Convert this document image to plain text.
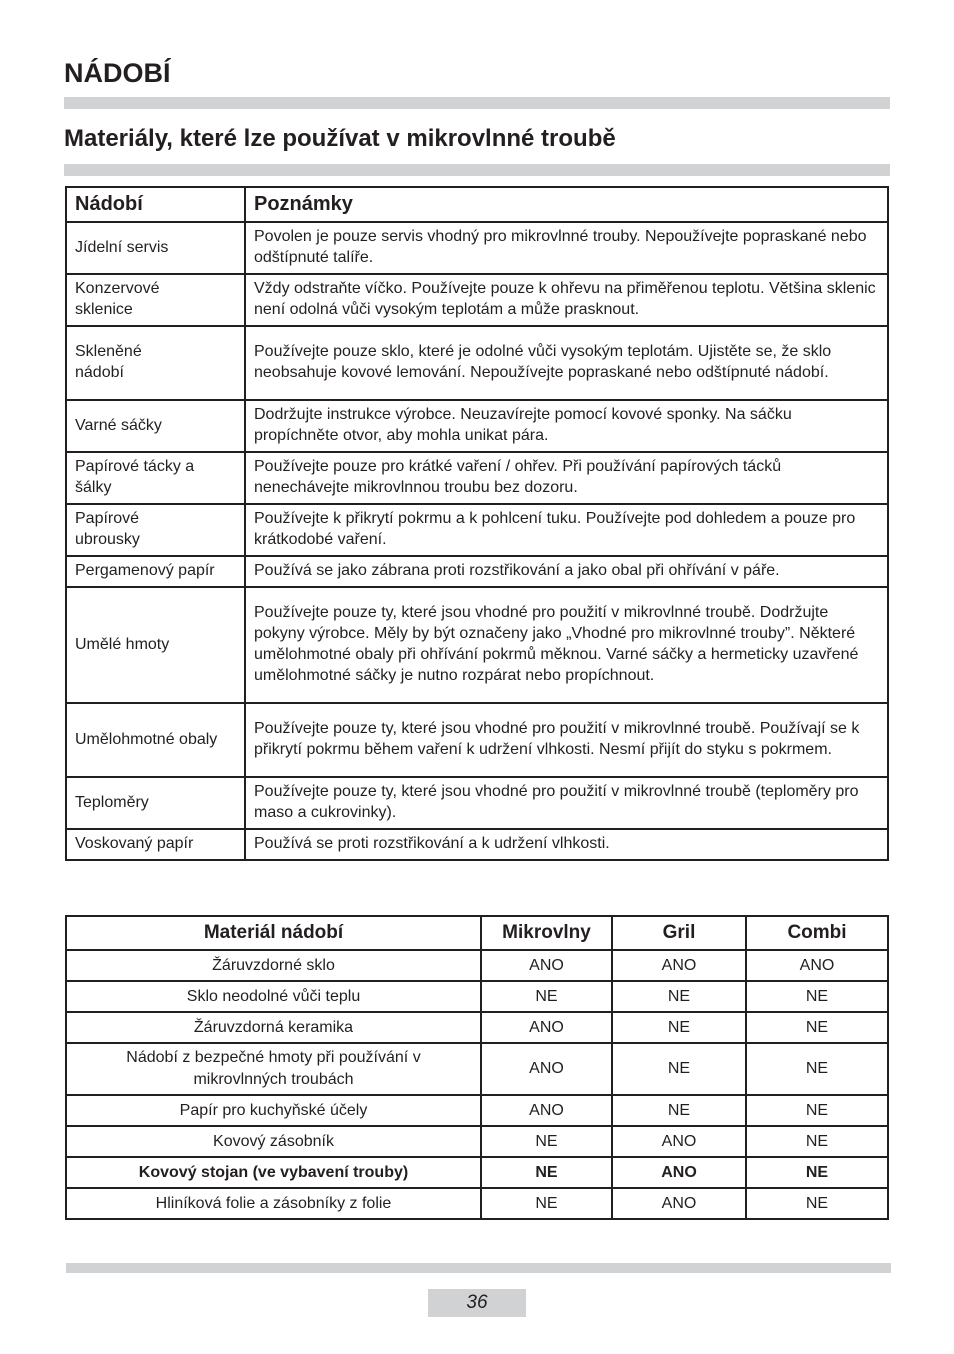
NÁDOBÍ
Materiály, které lze používat v mikrovlnné troubě
Nádobí	Poznámky
Jídelní servis	Povolen je pouze servis vhodný pro mikrovlnné trouby. Nepoužívejte popraskané nebo odštípnuté talíře.
Konzervové sklenice	Vždy odstraňte víčko. Používejte pouze k ohřevu na přiměřenou teplotu. Většina sklenic není odolná vůči vysokým teplotám a může prasknout.
Skleněné nádobí	Používejte pouze sklo, které je odolné vůči vysokým teplotám. Ujistěte se, že sklo neobsahuje kovové lemování. Nepoužívejte popraskané nebo odštípnuté nádobí.
Varné sáčky	Dodržujte instrukce výrobce. Neuzavírejte pomocí kovové sponky. Na sáčku propíchněte otvor, aby mohla unikat pára.
Papírové tácky a šálky	Používejte pouze pro krátké vaření / ohřev. Při používání papírových tácků nenechávejte mikrovlnnou troubu bez dozoru.
Papírové ubrousky	Používejte k přikrytí pokrmu a k pohlcení tuku. Používejte pod dohledem a pouze pro krátkodobé vaření.
Pergamenový papír	Používá se jako zábrana proti rozstřikování a jako obal při ohřívání v páře.
Umělé hmoty	Používejte pouze ty, které jsou vhodné pro použití v mikrovlnné troubě. Dodržujte pokyny výrobce. Měly by být označeny jako „Vhodné pro mikrovlnné trouby”. Některé umělohmotné obaly při ohřívání pokrmů měknou. Varné sáčky a hermeticky uzavřené umělohmotné sáčky je nutno rozpárat nebo propíchnout.
Umělohmotné obaly	Používejte pouze ty, které jsou vhodné pro použití v mikrovlnné troubě. Používají se k přikrytí pokrmu během vaření k udržení vlhkosti. Nesmí přijít do styku s pokrmem.
Teploměry	Používejte pouze ty, které jsou vhodné pro použití v mikrovlnné troubě (teploměry pro maso a cukrovinky).
Voskovaný papír	Používá se proti rozstřikování a k udržení vlhkosti.
Materiál nádobí	Mikrovlny	Gril	Combi
Žáruvzdorné sklo	ANO	ANO	ANO
Sklo neodolné vůči teplu	NE	NE	NE
Žáruvzdorná keramika	ANO	NE	NE
Nádobí z bezpečné hmoty při používání v mikrovlnných troubách	ANO	NE	NE
Papír pro kuchyňské účely	ANO	NE	NE
Kovový zásobník	NE	ANO	NE
Kovový stojan (ve vybavení trouby)	NE	ANO	NE
Hliníková folie a zásobníky z folie	NE	ANO	NE
36
